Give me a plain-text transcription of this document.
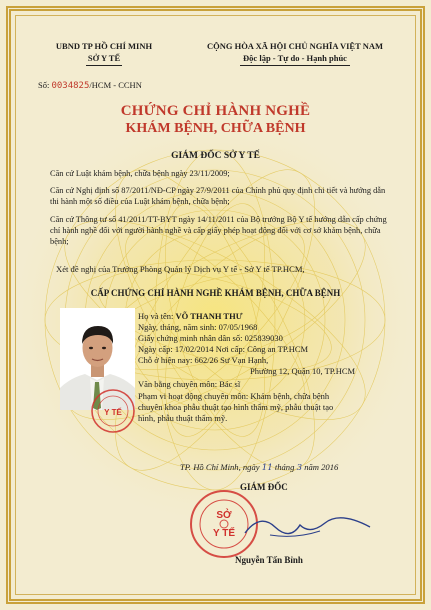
UBND TP HỒ CHÍ MINH
SỞ Y TẾ
CỘNG HÒA XÃ HỘI CHỦ NGHĨA VIỆT NAM
Độc lập - Tự do - Hạnh phúc
Số: 0034825/HCM - CCHN
CHỨNG CHỈ HÀNH NGHỀ
KHÁM BỆNH, CHỮA BỆNH
GIÁM ĐỐC SỞ Y TẾ
Căn cứ Luật khám bệnh, chữa bệnh ngày 23/11/2009;
Căn cứ Nghị định số 87/2011/NĐ-CP ngày 27/9/2011 của Chính phủ quy định chi tiết và hướng dẫn thi hành một số điều của Luật khám bệnh, chữa bệnh;
Căn cứ Thông tư số 41/2011/TT-BYT ngày 14/11/2011 của Bộ trưởng Bộ Y tế hướng dẫn cấp chứng chỉ hành nghề đối với người hành nghề và cấp giấy phép hoạt động đối với cơ sở khám bệnh, chữa bệnh;
Xét đề nghị của Trưởng Phòng Quản lý Dịch vụ Y tế - Sở Y tế TP.HCM,
CẤP CHỨNG CHỈ HÀNH NGHỀ KHÁM BỆNH, CHỮA BỆNH
Y TẾ
Họ và tên: VÕ THANH THƯ
Ngày, tháng, năm sinh: 07/05/1968
Giấy chứng minh nhân dân số: 025839030
Ngày cấp: 17/02/2014 Nơi cấp: Công an TP.HCM
Chỗ ở hiện nay: 662/26 Sư Vạn Hạnh,
Phường 12, Quận 10, TP.HCM
Văn bằng chuyên môn: Bác sĩ
Phạm vi hoạt động chuyên môn: Khám bệnh, chữa bệnh
chuyên khoa phẫu thuật tạo hình thẩm mỹ, phẫu thuật tạo
hình, phẫu thuật thẩm mỹ.
TP. Hồ Chí Minh, ngày 11 tháng 3 năm 2016
GIÁM ĐỐC
SỞ
Y TẾ
Nguyễn Tấn Bỉnh
